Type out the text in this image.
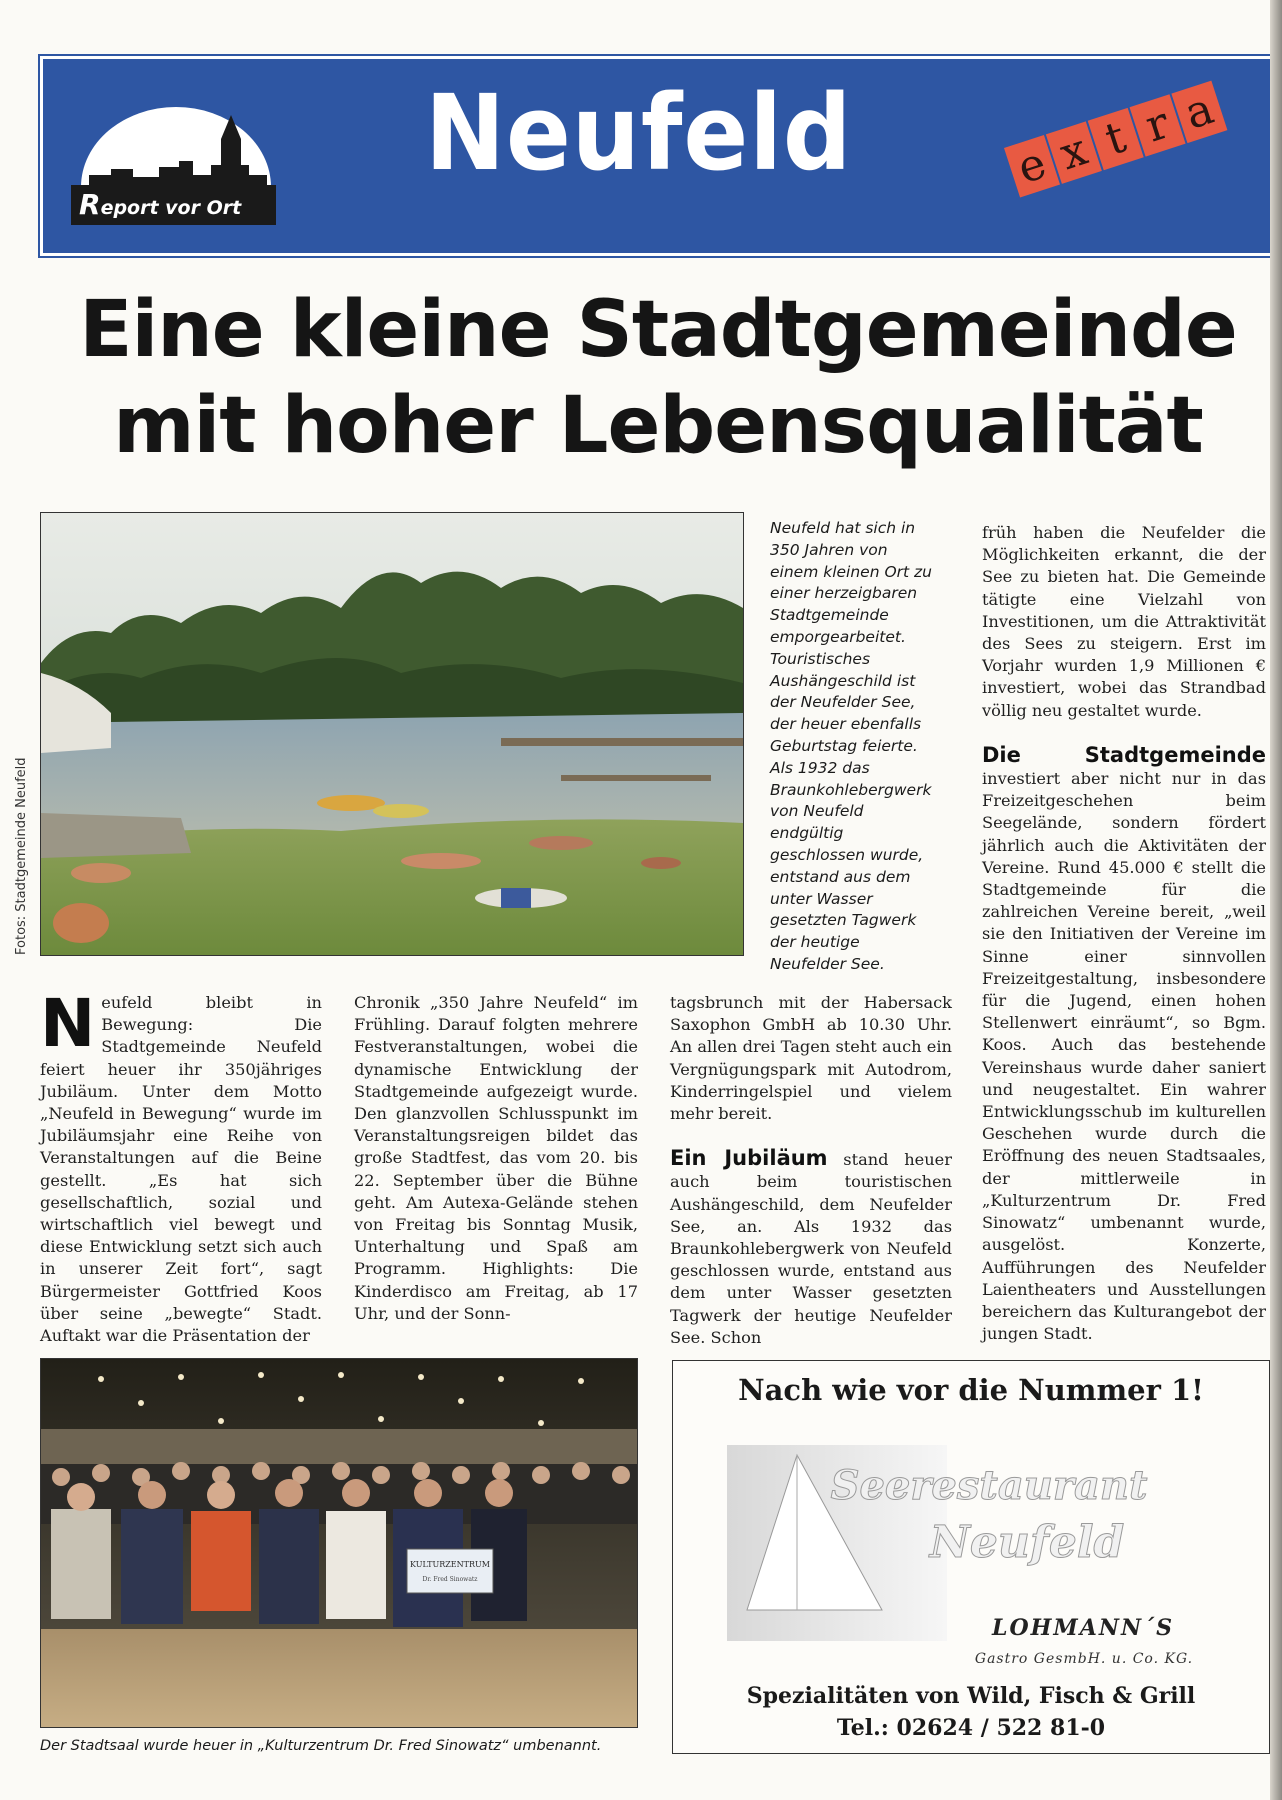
Report vor Ort
Neufeld	e x t r a
Eine kleine Stadtgemeinde
mit hoher Lebensqualität
Fotos: Stadtgemeinde Neufeld

Neufeld hat sich in 350 Jahren von einem kleinen Ort zu einer herzeigbaren Stadtgemeinde emporgearbeitet. Touristisches Aushängeschild ist der Neufelder See, der heuer ebenfalls Geburtstag feierte. Als 1932 das Braunkohlebergwerk von Neufeld endgültig geschlossen wurde, entstand aus dem unter Wasser gesetzten Tagwerk der heutige Neufelder See.

Neufeld bleibt in Bewegung: Die Stadtgemeinde Neufeld feiert heuer ihr 350jähriges Jubiläum. Unter dem Motto „Neufeld in Bewegung“ wurde im Jubiläumsjahr eine Reihe von Veranstaltungen auf die Beine gestellt. „Es hat sich gesellschaftlich, sozial und wirtschaftlich viel bewegt und diese Entwicklung setzt sich auch in unserer Zeit fort“, sagt Bürgermeister Gottfried Koos über seine „bewegte“ Stadt. Auftakt war die Präsentation der

Chronik „350 Jahre Neufeld“ im Frühling. Darauf folgten mehrere Festveranstaltungen, wobei die dynamische Entwicklung der Stadtgemeinde aufgezeigt wurde. Den glanzvollen Schlusspunkt im Veranstaltungsreigen bildet das große Stadtfest, das vom 20. bis 22. September über die Bühne geht. Am Autexa-Gelände stehen von Freitag bis Sonntag Musik, Unterhaltung und Spaß am Programm. Highlights: Die Kinderdisco am Freitag, ab 17 Uhr, und der Sonn-

tagsbrunch mit der Habersack Saxophon GmbH ab 10.30 Uhr. An allen drei Tagen steht auch ein Vergnügungspark mit Autodrom, Kinderringelspiel und vielem mehr bereit.

Ein Jubiläum stand heuer auch beim touristischen Aushängeschild, dem Neufelder See, an. Als 1932 das Braunkohlebergwerk von Neufeld geschlossen wurde, entstand aus dem unter Wasser gesetzten Tagwerk der heutige Neufelder See. Schon

früh haben die Neufelder die Möglichkeiten erkannt, die der See zu bieten hat. Die Gemeinde tätigte eine Vielzahl von Investitionen, um die Attraktivität des Sees zu steigern. Erst im Vorjahr wurden 1,9 Millionen € investiert, wobei das Strandbad völlig neu gestaltet wurde.

Die Stadtgemeinde investiert aber nicht nur in das Freizeitgeschehen beim Seegelände, sondern fördert jährlich auch die Aktivitäten der Vereine. Rund 45.000 € stellt die Stadtgemeinde für die zahlreichen Vereine bereit, „weil sie den Initiativen der Vereine im Sinne einer sinnvollen Freizeitgestaltung, insbesondere für die Jugend, einen hohen Stellenwert einräumt“, so Bgm. Koos. Auch das bestehende Vereinshaus wurde daher saniert und neugestaltet. Ein wahrer Entwicklungsschub im kulturellen Geschehen wurde durch die Eröffnung des neuen Stadtsaales, der mittlerweile in „Kulturzentrum Dr. Fred Sinowatz“ umbenannt wurde, ausgelöst. Konzerte, Aufführungen des Neufelder Laientheaters und Ausstellungen bereichern das Kulturangebot der jungen Stadt.

KULTURZENTRUM
Dr. Fred Sinowatz

Der Stadtsaal wurde heuer in „Kulturzentrum Dr. Fred Sinowatz“ umbenannt.

Nach wie vor die Nummer 1!
Seerestaurant
Neufeld
LOHMANN´S
Gastro GesmbH. u. Co. KG.
Spezialitäten von Wild, Fisch & Grill
Tel.: 02624 / 522 81-0
